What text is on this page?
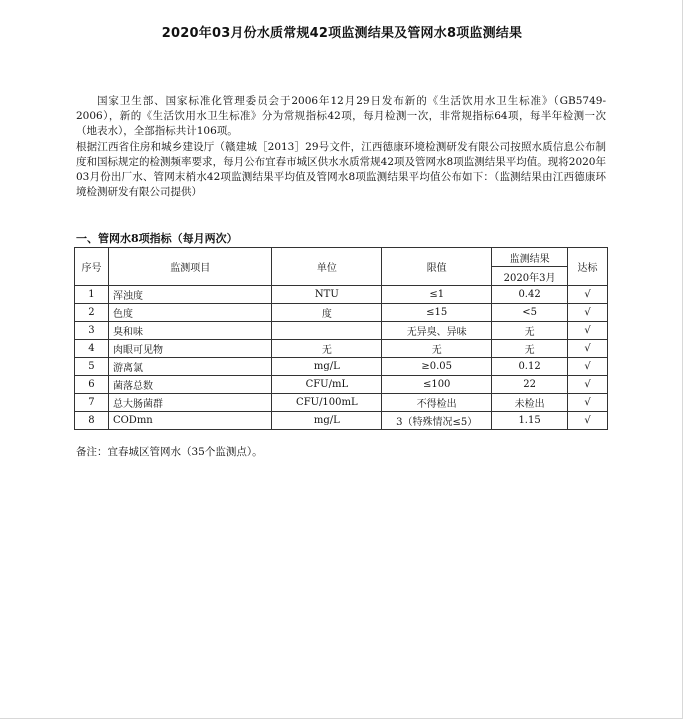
2020年03月份水质常规42项监测结果及管网水8项监测结果

国家卫生部、国家标准化管理委员会于2006年12月29日发布新的《生活饮用水卫生标准》（GB5749-2006），新的《生活饮用水卫生标准》分为常规指标42项，每月检测一次，非常规指标64项，每半年检测一次（地表水），全部指标共计106项。

根据江西省住房和城乡建设厅（赣建城［2013］29号文件，江西德康环境检测研发有限公司按照水质信息公布制度和国标规定的检测频率要求，每月公布宜春市城区供水水质常规42项及管网水8项监测结果平均值。现将2020年03月份出厂水、管网末梢水42项监测结果平均值及管网水8项监测结果平均值公布如下：（监测结果由江西德康环境检测研发有限公司提供）

一、管网水8项指标（每月两次）
序号	监测项目	单位	限值	监测结果	达标
				2020年3月	
1	浑浊度	NTU	≤1	0.42	√
2	色度	度	≤15	<5	√
3	臭和味		无异臭、异味	无	√
4	肉眼可见物	无	无	无	√
5	游离氯	mg/L	≥0.05	0.12	√
6	菌落总数	CFU/mL	≤100	22	√
7	总大肠菌群	CFU/100mL	不得检出	未检出	√
8	CODmn	mg/L	3（特殊情况≤5）	1.15	√
备注：宜春城区管网水（35个监测点）。
